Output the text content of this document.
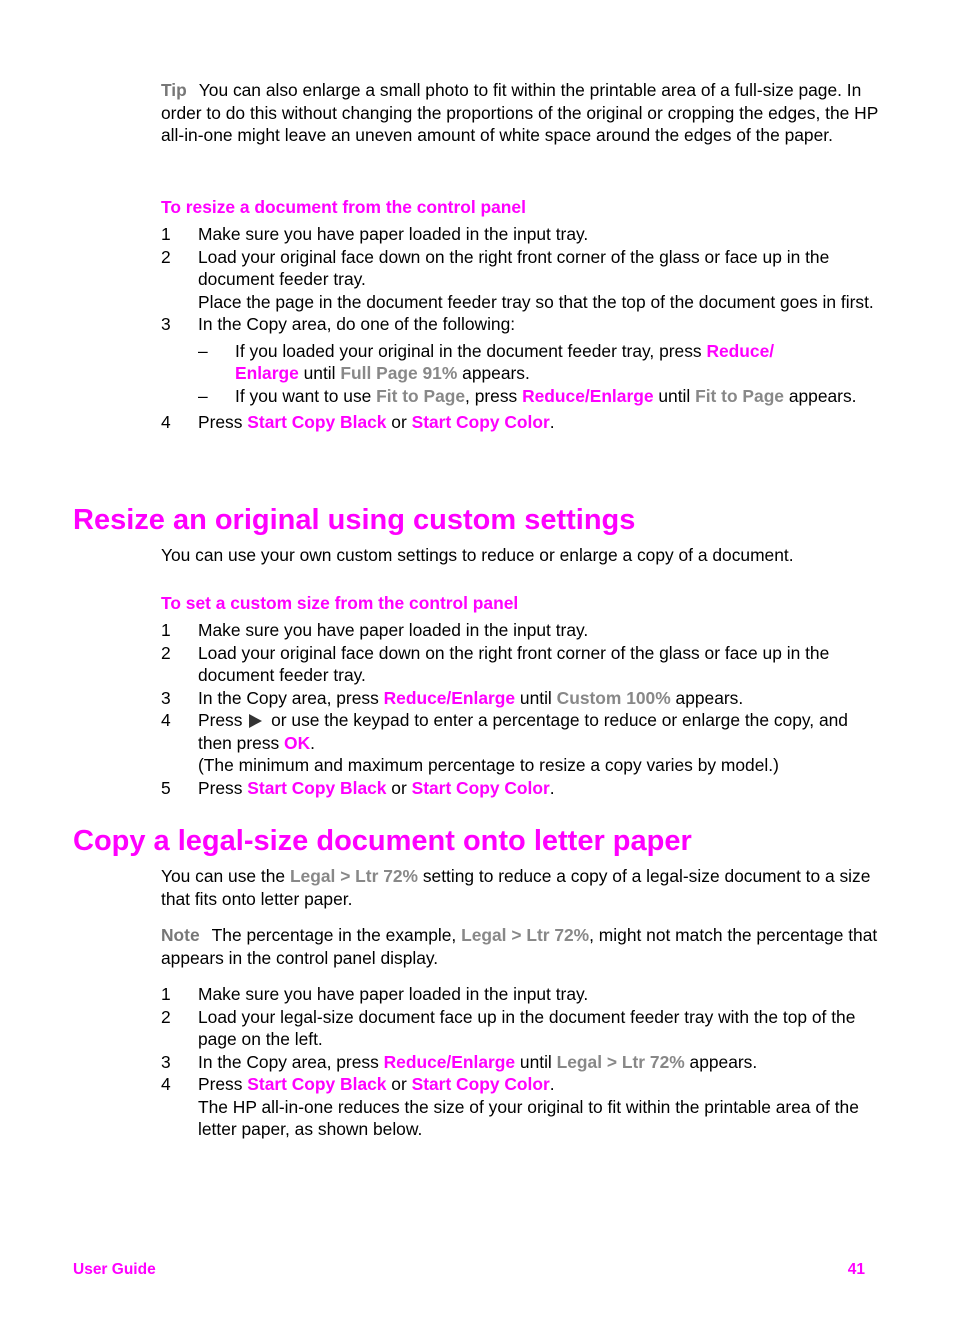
Tip You can also enlarge a small photo to fit within the printable area of a full-size page. In order to do this without changing the proportions of the original or cropping the edges, the HP all-in-one might leave an uneven amount of white space around the edges of the paper.
To resize a document from the control panel
1 Make sure you have paper loaded in the input tray.
2 Load your original face down on the right front corner of the glass or face up in the document feeder tray.
Place the page in the document feeder tray so that the top of the document goes in first.
3 In the Copy area, do one of the following:
– If you loaded your original in the document feeder tray, press Reduce/ Enlarge until Full Page 91% appears.
– If you want to use Fit to Page, press Reduce/Enlarge until Fit to Page appears.
4 Press Start Copy Black or Start Copy Color.
Resize an original using custom settings
You can use your own custom settings to reduce or enlarge a copy of a document.
To set a custom size from the control panel
1 Make sure you have paper loaded in the input tray.
2 Load your original face down on the right front corner of the glass or face up in the document feeder tray.
3 In the Copy area, press Reduce/Enlarge until Custom 100% appears.
4 Press  or use the keypad to enter a percentage to reduce or enlarge the copy, and then press OK.
(The minimum and maximum percentage to resize a copy varies by model.)
5 Press Start Copy Black or Start Copy Color.
Copy a legal-size document onto letter paper
You can use the Legal > Ltr 72% setting to reduce a copy of a legal-size document to a size that fits onto letter paper.
Note The percentage in the example, Legal > Ltr 72%, might not match the percentage that appears in the control panel display.
1 Make sure you have paper loaded in the input tray.
2 Load your legal-size document face up in the document feeder tray with the top of the page on the left.
3 In the Copy area, press Reduce/Enlarge until Legal > Ltr 72% appears.
4 Press Start Copy Black or Start Copy Color.
The HP all-in-one reduces the size of your original to fit within the printable area of the letter paper, as shown below.
User Guide	41
